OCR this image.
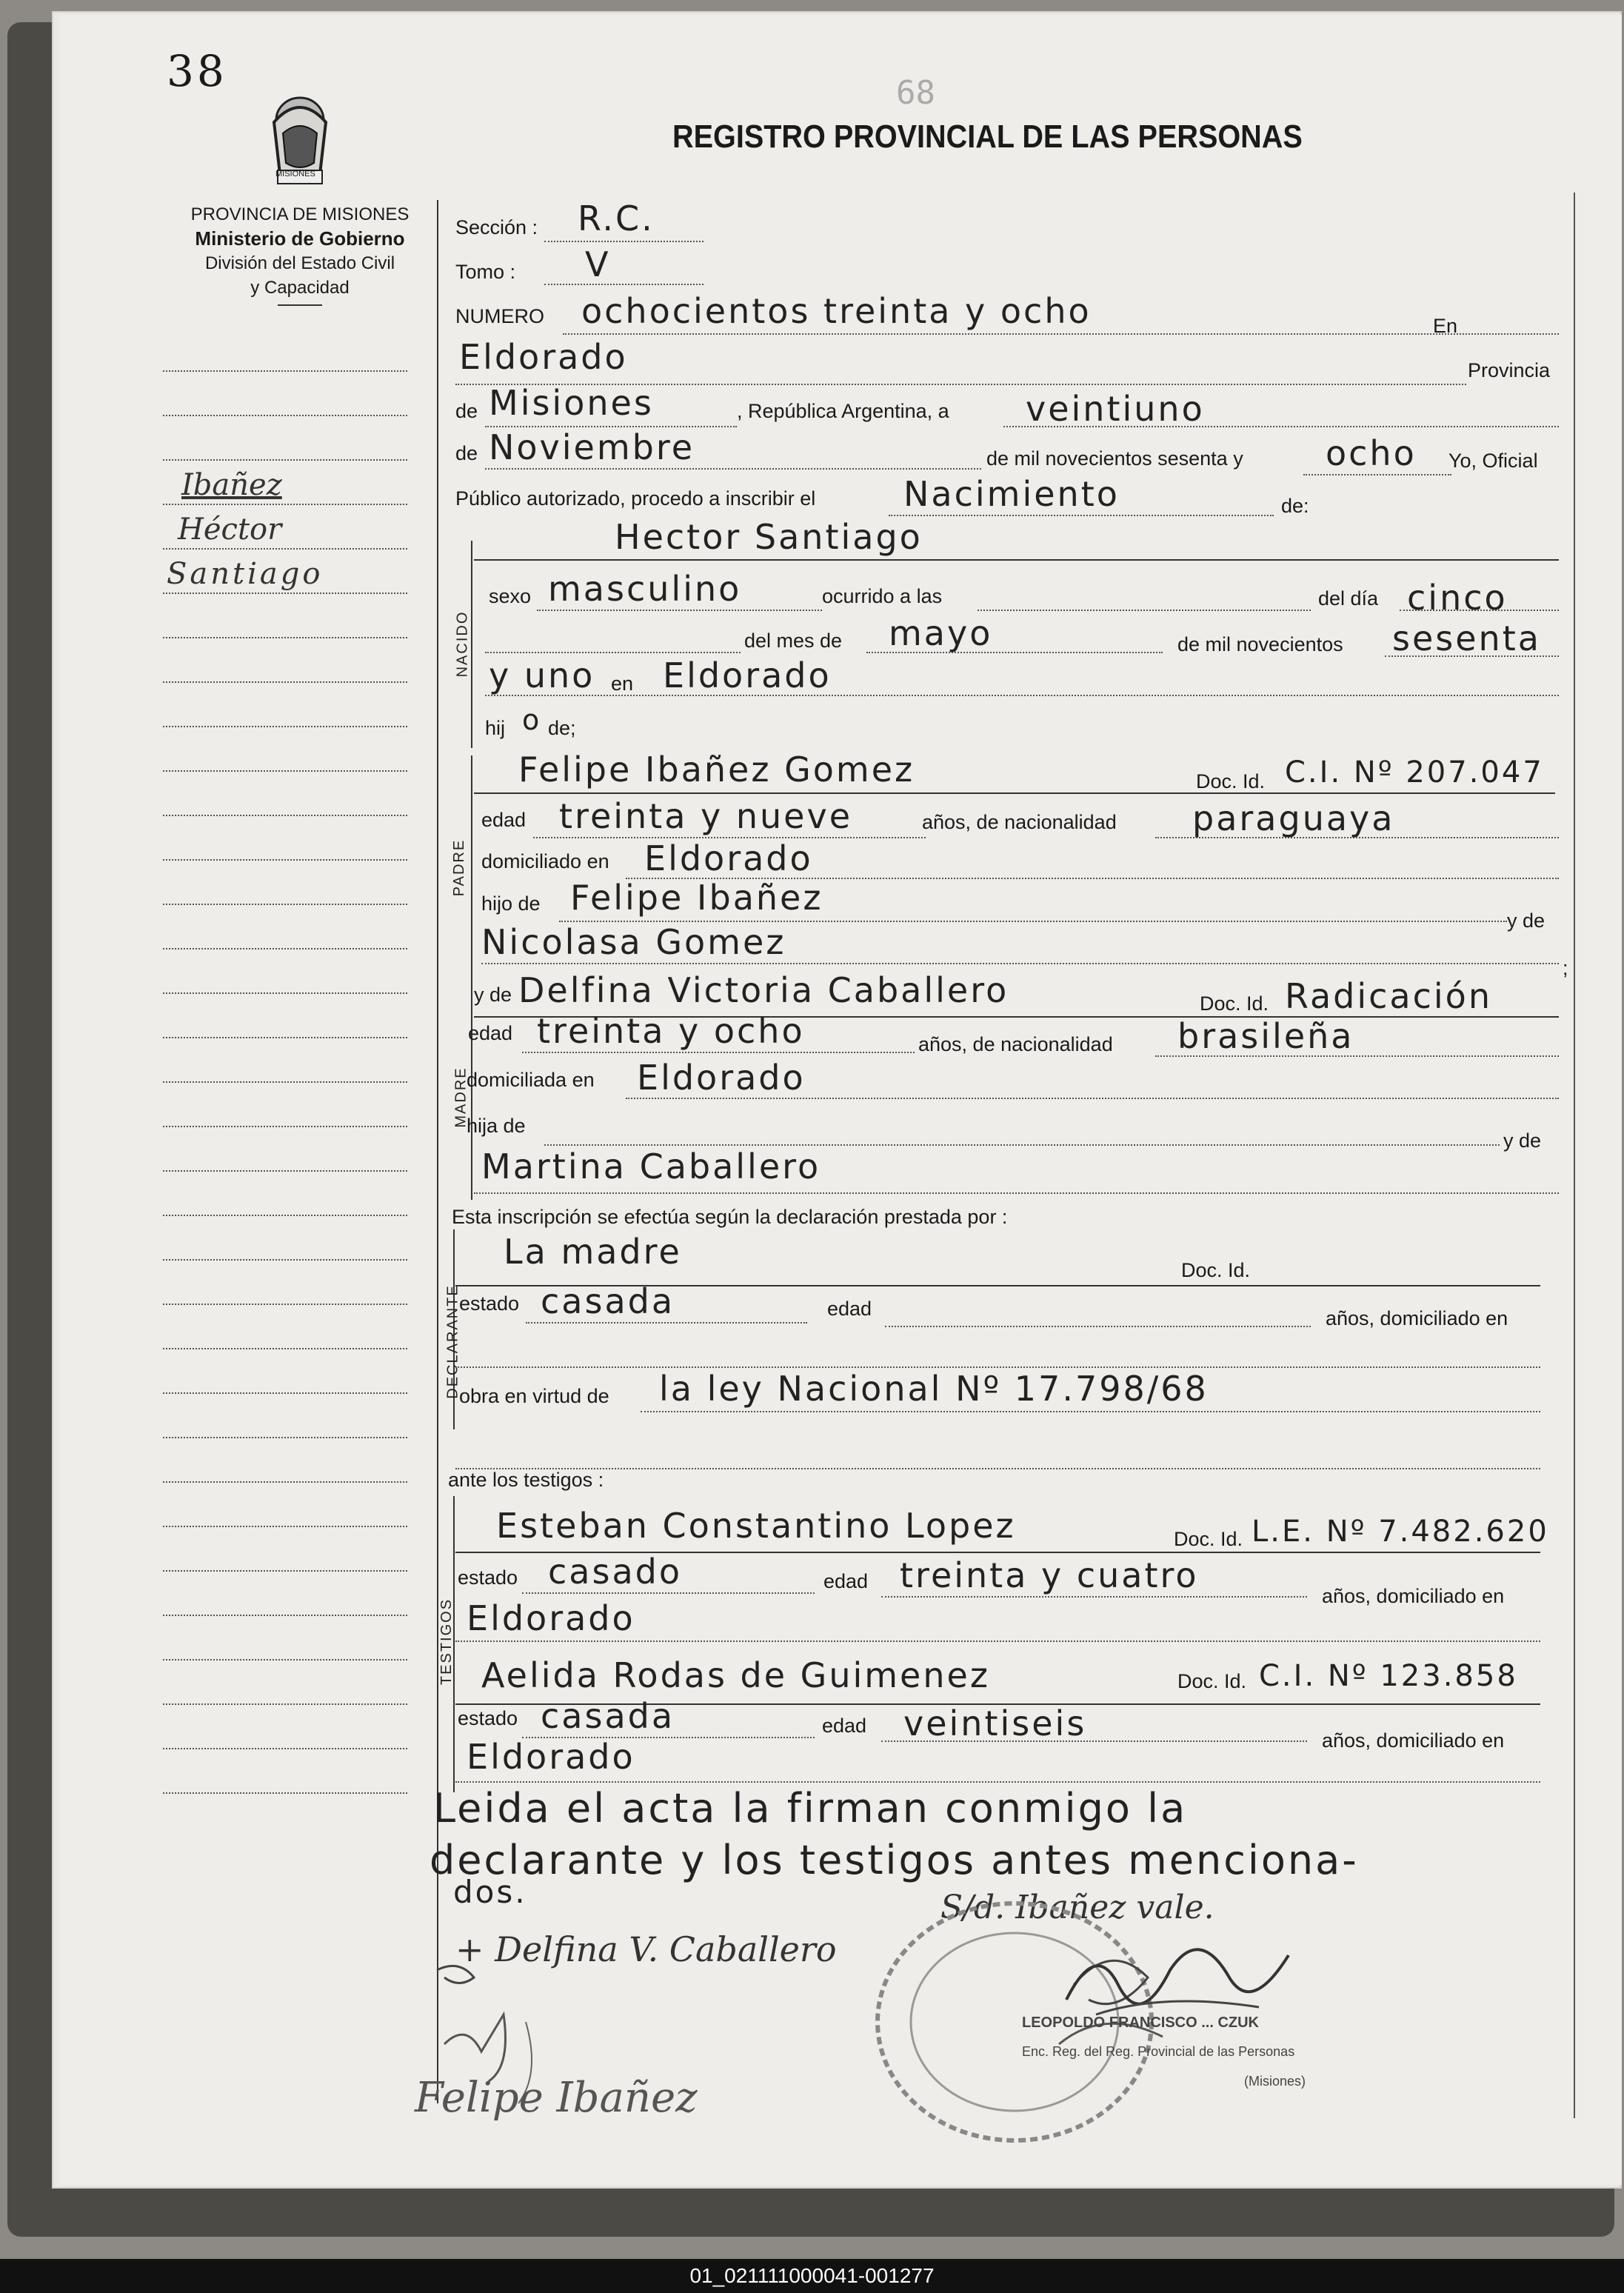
38	68
MISIONES
REGISTRO PROVINCIAL DE LAS PERSONAS
PROVINCIA DE MISIONES
Ministerio de Gobierno
División del Estado Civil
y Capacidad
Ibañez
Héctor
Santiago
Sección : R.C.
Tomo : V
NUMERO ochocientos treinta y ocho	En
Eldorado	Provincia
de Misiones	, República Argentina, a veintiuno
de Noviembre	de mil novecientos sesenta y ocho Yo, Oficial
Público autorizado, procedo a inscribir el	Nacimiento	de:
NACIDO
Hector Santiago
sexo masculino	ocurrido a las	del día cinco
del mes de mayo	de mil novecientos sesenta
y uno en Eldorado
hij o de;
PADRE
Felipe Ibañez Gomez	Doc. Id. C.I. Nº 207.047
edad treinta y nueve	años, de nacionalidad paraguaya
domiciliado en Eldorado
hijo de Felipe Ibañez
y de
Nicolasa Gomez
;
MADRE
y de Delfina Victoria Caballero	Doc. Id. Radicación
edad treinta y ocho	años, de nacionalidad brasileña
domiciliada en Eldorado
hija de
y de
Martina Caballero
Esta inscripción se efectúa según la declaración prestada por :
DECLARANTE
La madre	Doc. Id.
estado casada	edad	años, domiciliado en
obra en virtud de la ley Nacional Nº 17.798/68
ante los testigos :
TESTIGOS
Esteban Constantino Lopez	Doc. Id. L.E. Nº 7.482.620
estado casado	edad treinta y cuatro
años, domiciliado en
Eldorado
Aelida Rodas de Guimenez	Doc. Id. C.I. Nº 123.858
estado casada	edad veintiseis	años, domiciliado en
Eldorado
Leida el acta la firman conmigo la
declarante y los testigos antes menciona-
dos.	S/d. Ibañez vale.
+ Delfina V. Caballero
LEOPOLDO FRANCISCO ... CZUK
Enc. Reg. del Reg. Provincial de las Personas
(Misiones)
Felipe Ibañez
01_021111000041-001277
